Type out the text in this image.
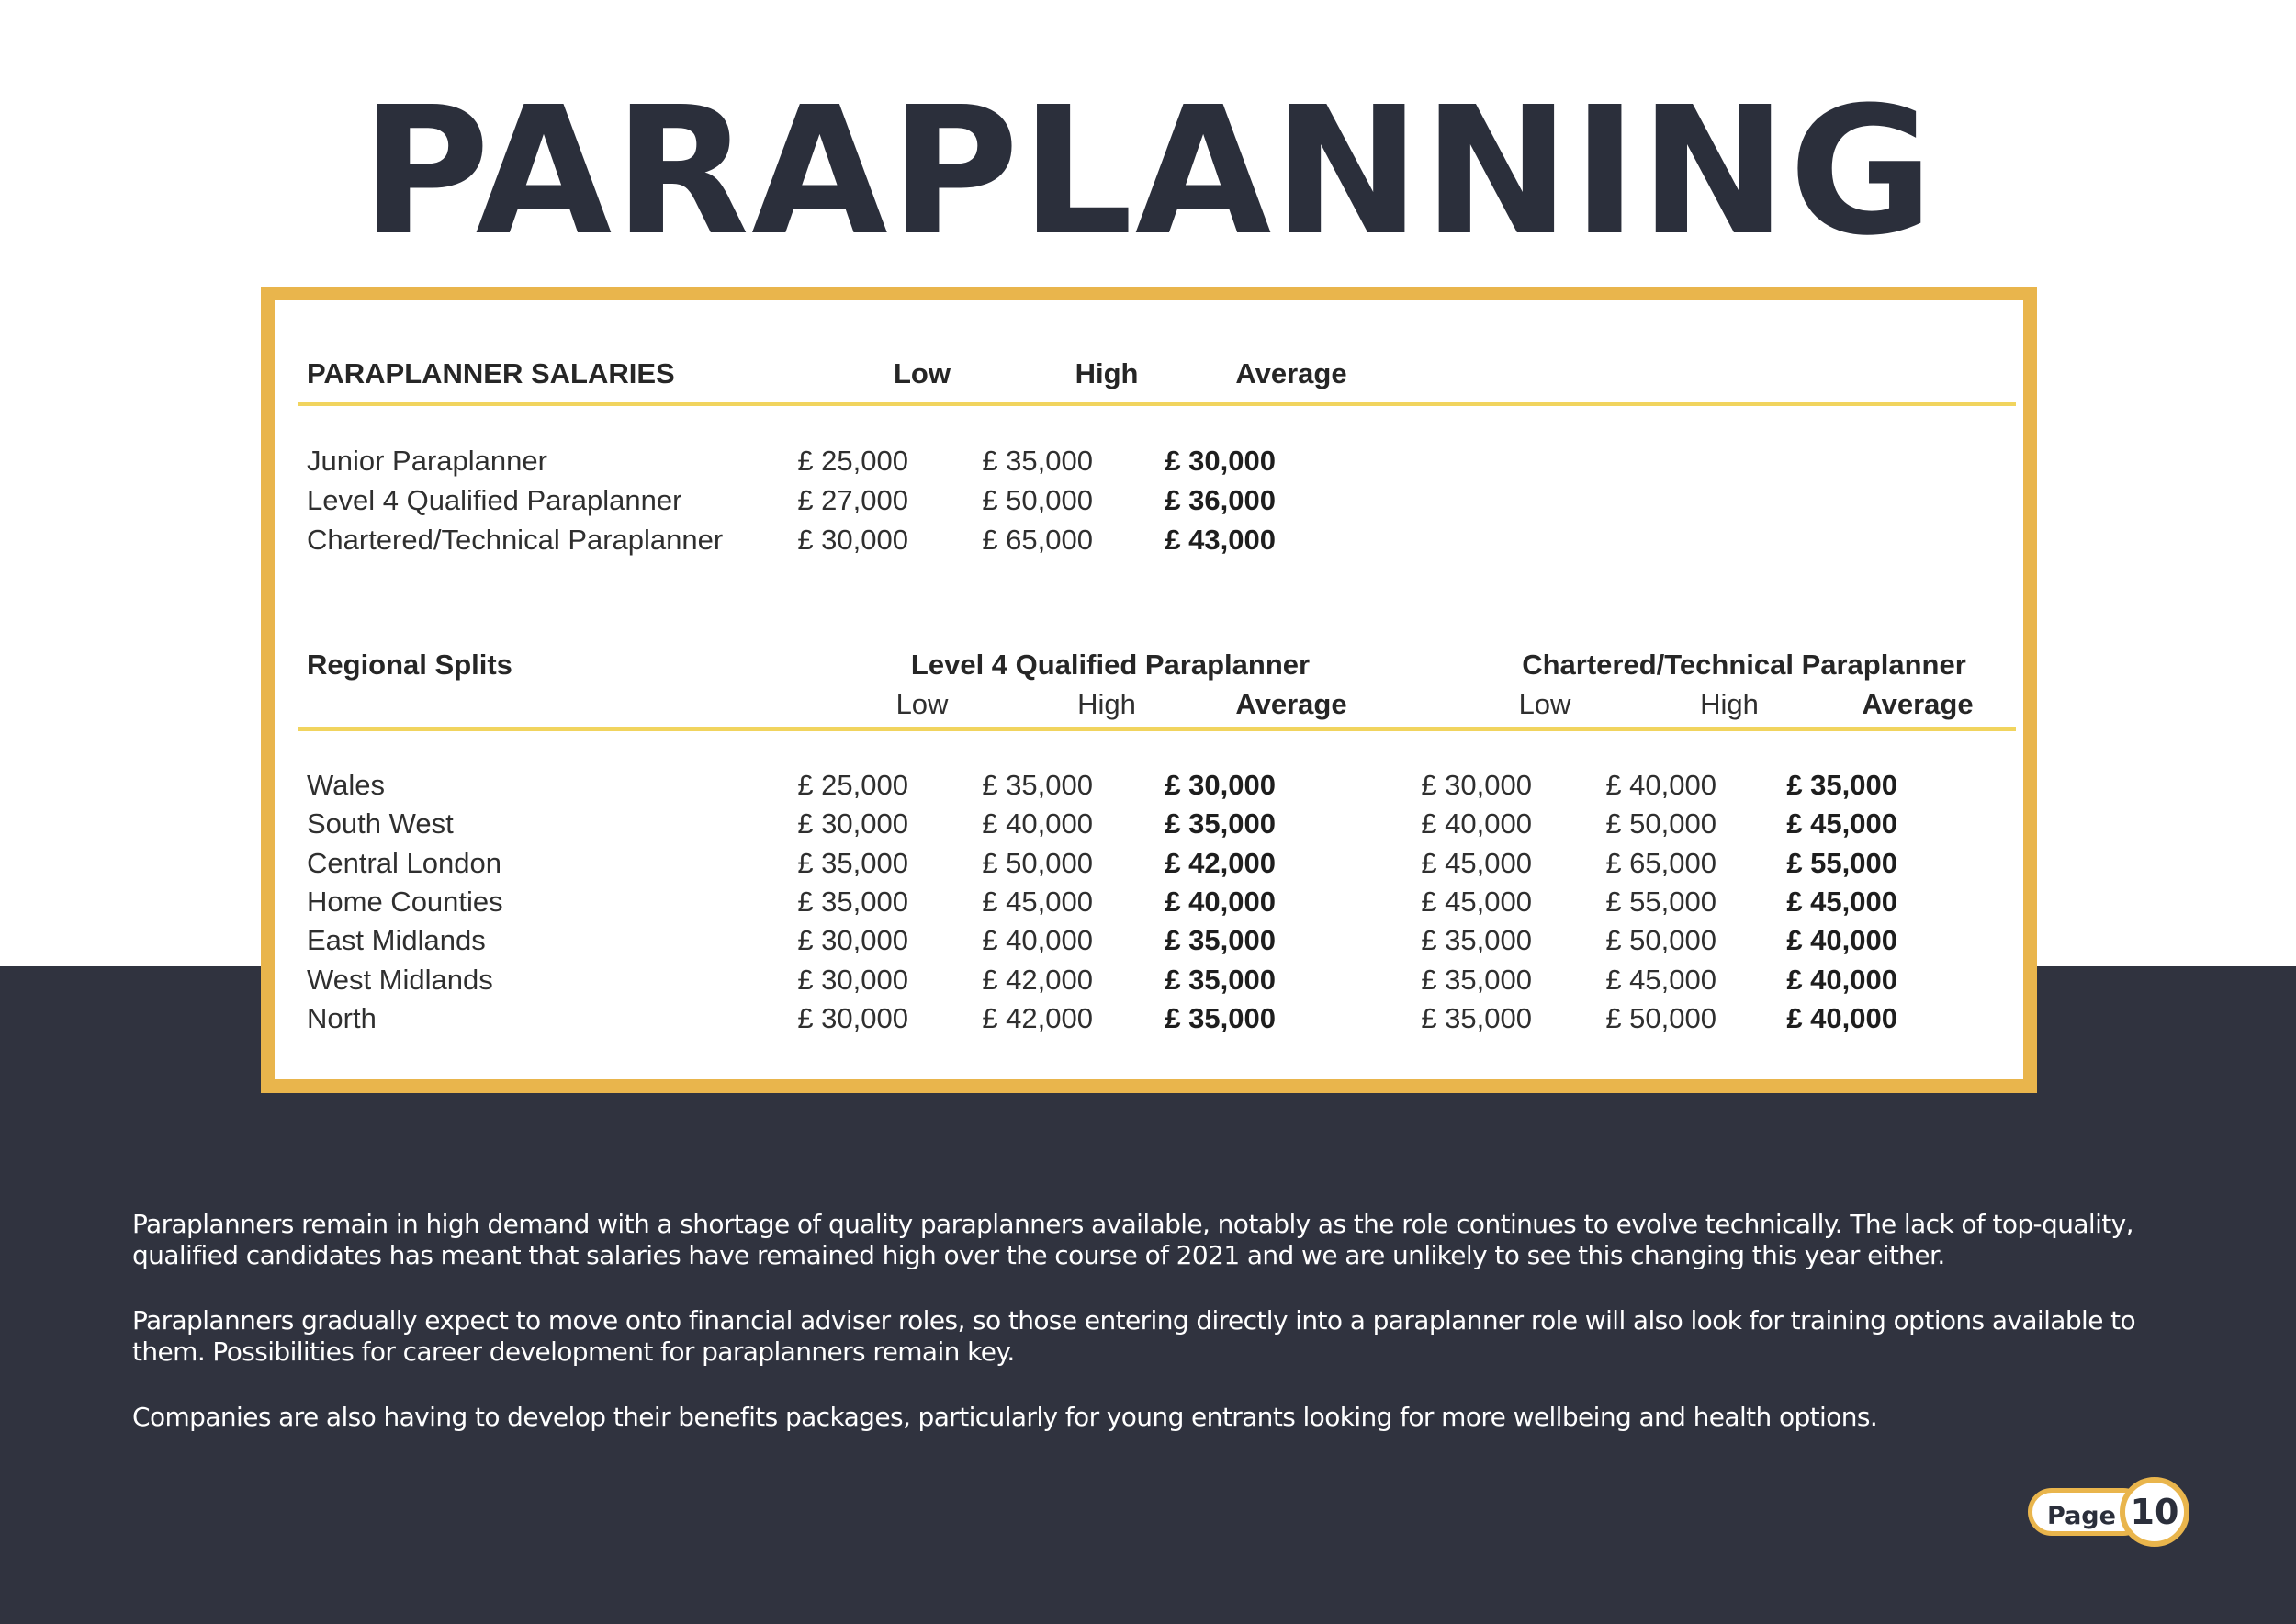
PARAPLANNING
PARAPLANNER SALARIES	Low	High	Average
Junior Paraplanner	£ 25,000	£ 35,000	£ 30,000
Level 4 Qualified Paraplanner	£ 27,000	£ 50,000	£ 36,000
Chartered/Technical Paraplanner	£ 30,000	£ 65,000	£ 43,000
Regional Splits	Level 4 Qualified Paraplanner	Chartered/Technical Paraplanner
Low	High	Average	Low	High	Average
Wales	£ 25,000	£ 35,000	£ 30,000	£ 30,000	£ 40,000	£ 35,000
South West	£ 30,000	£ 40,000	£ 35,000	£ 40,000	£ 50,000	£ 45,000
Central London	£ 35,000	£ 50,000	£ 42,000	£ 45,000	£ 65,000	£ 55,000
Home Counties	£ 35,000	£ 45,000	£ 40,000	£ 45,000	£ 55,000	£ 45,000
East Midlands	£ 30,000	£ 40,000	£ 35,000	£ 35,000	£ 50,000	£ 40,000
West Midlands	£ 30,000	£ 42,000	£ 35,000	£ 35,000	£ 45,000	£ 40,000
North	£ 30,000	£ 42,000	£ 35,000	£ 35,000	£ 50,000	£ 40,000
Paraplanners remain in high demand with a shortage of quality paraplanners available, notably as the role continues to evolve technically. The lack of top-quality, qualified candidates has meant that salaries have remained high over the course of 2021 and we are unlikely to see this changing this year either.
Paraplanners gradually expect to move onto financial adviser roles, so those entering directly into a paraplanner role will also look for training options available to them. Possibilities for career development for paraplanners remain key.
Companies are also having to develop their benefits packages, particularly for young entrants looking for more wellbeing and health options.
Page 10
